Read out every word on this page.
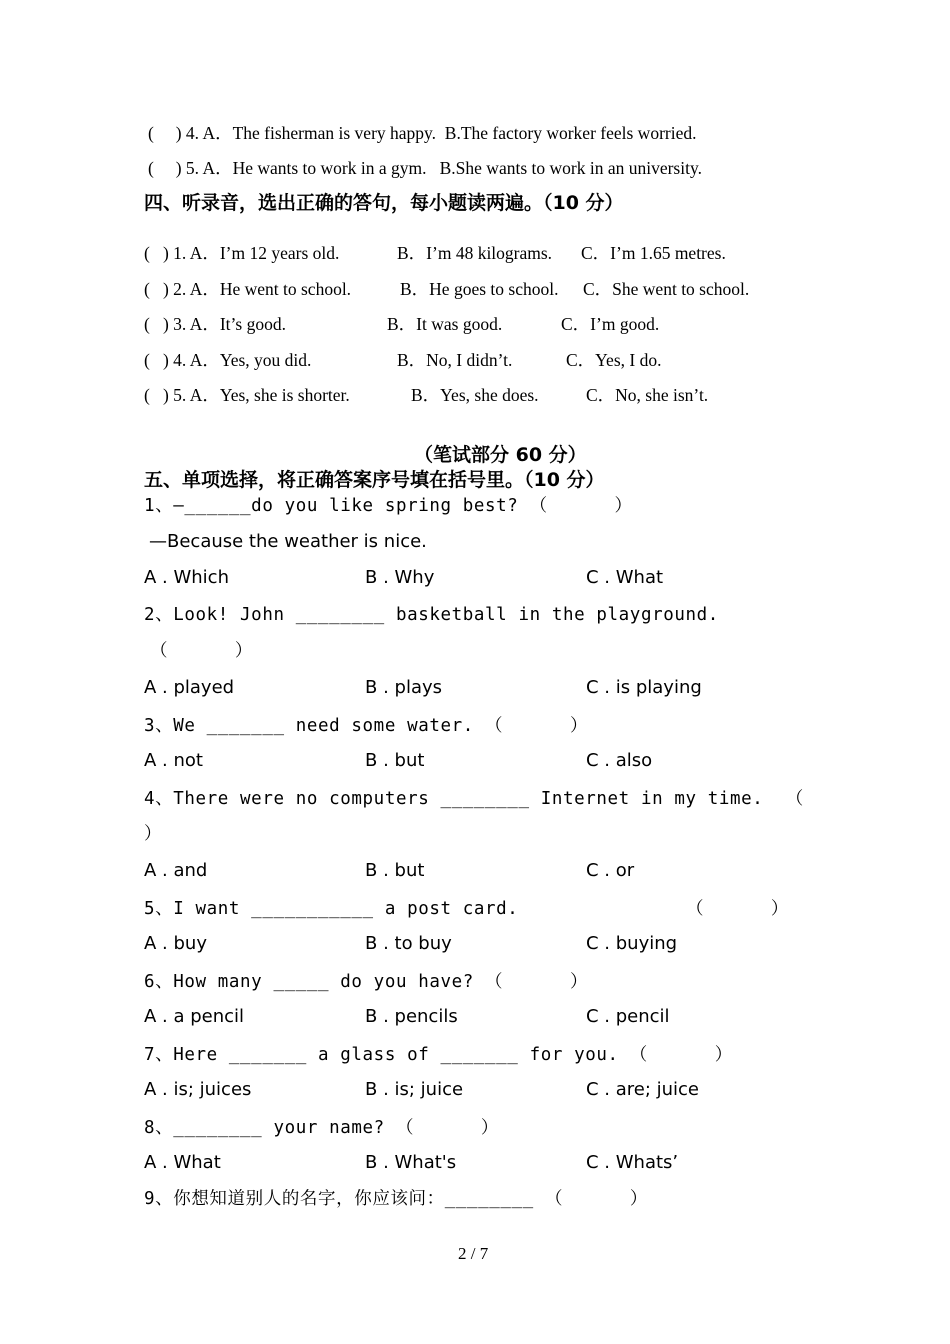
(     ) 4. A．The fisherman is very happy.  B.The factory worker feels worried.
(     ) 5. A．He wants to work in a gym.   B.She wants to work in an university.
四、听录音，选出正确的答句，每小题读两遍。（10 分）
(   ) 1. A．I’m 12 years old.	B．I’m 48 kilograms. C．I’m 1.65 metres.
(   ) 2. A．He went to school.	B．He goes to school. C．She went to school.
(   ) 3. A．It’s good.	B．It was good.	C．I’m good.
(   ) 4. A．Yes, you did.	B．No, I didn’t.	C．Yes, I do.
(   ) 5. A．Yes, she is shorter.	B．Yes, she does.	C．No, she isn’t.
（笔试部分 60 分）
五、单项选择，将正确答案序号填在括号里。（10 分）
1、—______do you like spring best? （      ）
—Because the weather is nice.
A . Which	B . Why	C . What
2、Look! John ________ basketball in the playground.
（      ）
A . played	B . plays	C . is playing
3、We _______ need some water. （      ）
A . not	B . but	C . also
4、There were no computers ________ Internet in my time.  （
）
A . and	B . but	C . or
5、I want ___________ a post card.	（      ）
A . buy	B . to buy	C . buying
6、How many _____ do you have? （      ）
A . a pencil	B . pencils	C . pencil
7、Here _______ a glass of _______ for you. （      ）
A . is; juices	B . is; juice	C . are; juice
8、________ your name? （      ）
A . What	B . What's	C . Whats’
9、你想知道别人的名字，你应该问：________ （      ）
2 / 7
